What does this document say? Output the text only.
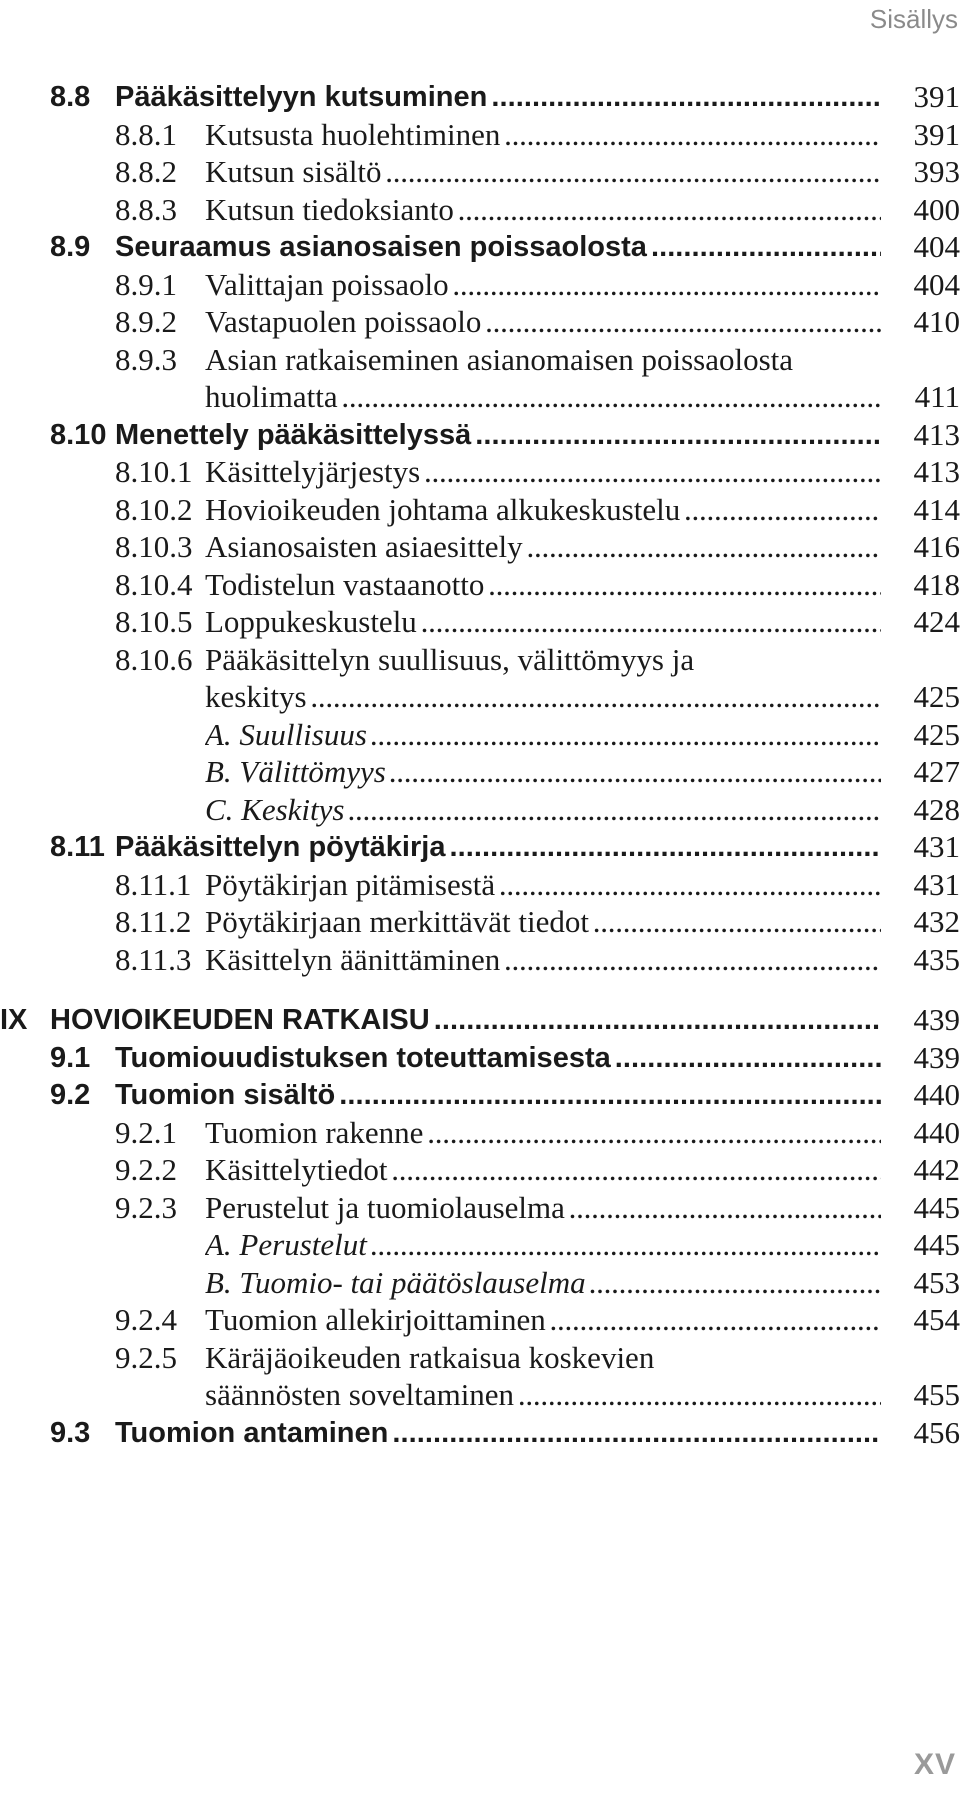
Sisällys
8.8 Pääkäsittelyyn kutsuminen . . .	391
8.8.1 Kutsusta huolehtiminen . . .	391
8.8.2 Kutsun sisältö . . .	393
8.8.3 Kutsun tiedoksianto . . .	400
8.9 Seuraamus asianosaisen poissaolosta . . .	404
8.9.1 Valittajan poissaolo . . .	404
8.9.2 Vastapuolen poissaolo . . .	410
8.9.3 Asian ratkaiseminen asianomaisen poissaolosta
huolimatta . . .	411
8.10 Menettely pääkäsittelyssä . . .	413
8.10.1 Käsittelyjärjestys . . .	413
8.10.2 Hovioikeuden johtama alkukeskustelu . . .	414
8.10.3 Asianosaisten asiaesittely . . .	416
8.10.4 Todistelun vastaanotto . . .	418
8.10.5 Loppukeskustelu . . .	424
8.10.6 Pääkäsittelyn suullisuus, välittömyys ja
keskitys . . .	425
A. Suullisuus . . .	425
B. Välittömyys . . .	427
C. Keskitys . . .	428
8.11 Pääkäsittelyn pöytäkirja . . .	431
8.11.1 Pöytäkirjan pitämisestä . . .	431
8.11.2 Pöytäkirjaan merkittävät tiedot . . .	432
8.11.3 Käsittelyn äänittäminen . . .	435
IX HOVIOIKEUDEN RATKAISU . . .	439
9.1 Tuomiouudistuksen toteuttamisesta . . .	439
9.2 Tuomion sisältö . . .	440
9.2.1 Tuomion rakenne . . .	440
9.2.2 Käsittelytiedot . . .	442
9.2.3 Perustelut ja tuomiolauselma . . .	445
A. Perustelut . . .	445
B. Tuomio- tai päätöslauselma . . .	453
9.2.4 Tuomion allekirjoittaminen . . .	454
9.2.5 Käräjäoikeuden ratkaisua koskevien
säännösten soveltaminen . . .	455
9.3 Tuomion antaminen . . .	456
XV
